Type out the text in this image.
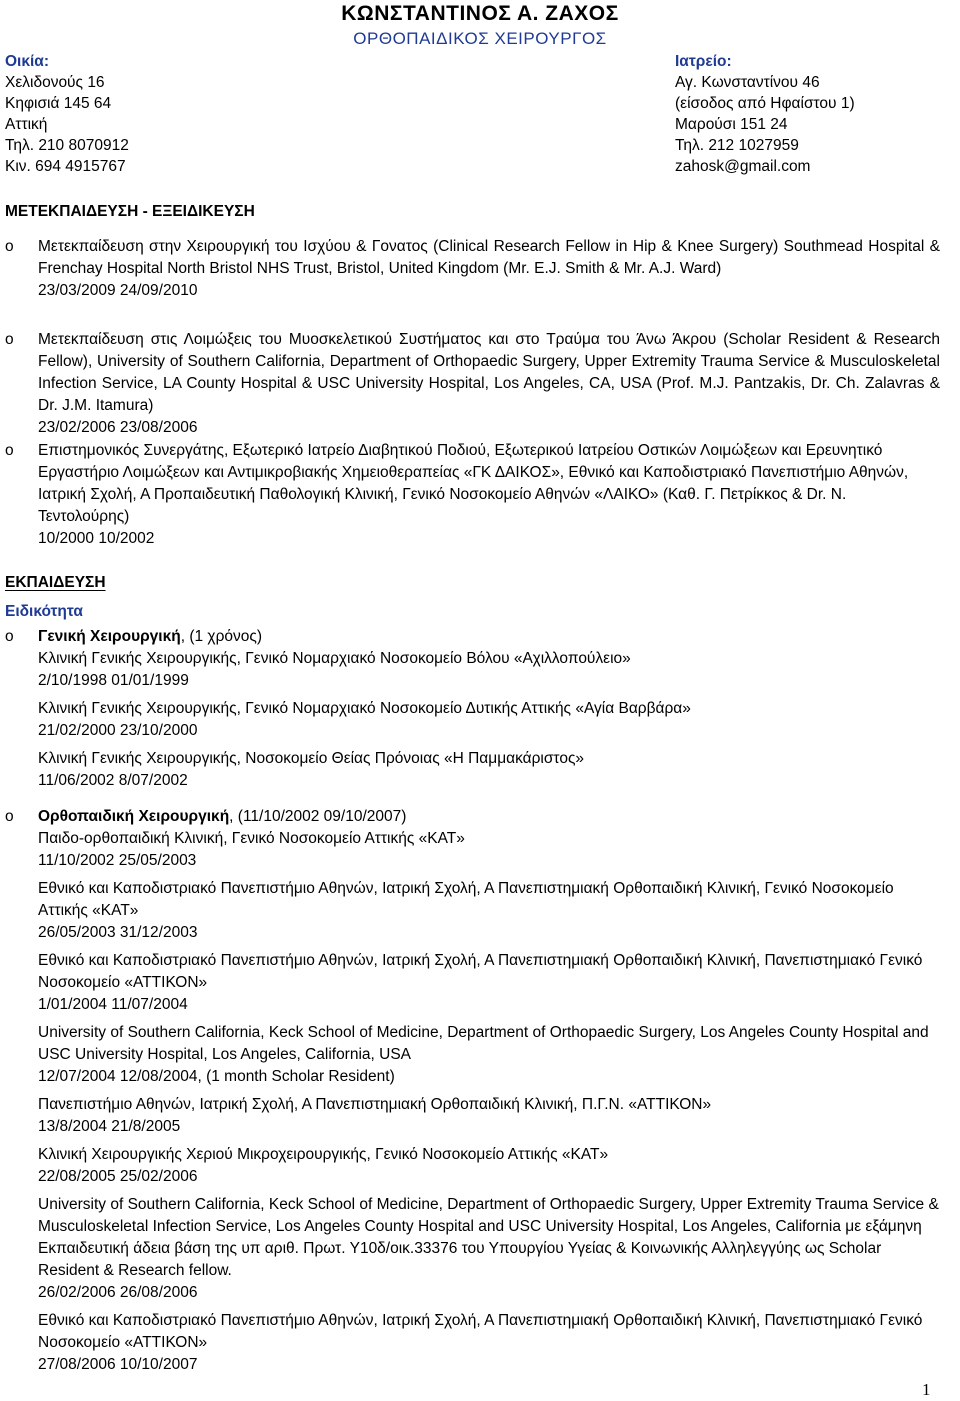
ΚΩΝΣΤΑΝΤΙΝΟΣ Α. ΖΑΧΟΣ
ΟΡΘΟΠΑΙΔΙΚΟΣ ΧΕΙΡΟΥΡΓΟΣ
Οικία:
Χελιδονούς 16
Κηφισιά 145 64
Αττική
Τηλ. 210 8070912
Κιν. 694 4915767
Ιατρείο:
Αγ. Κωνσταντίνου 46
(είσοδος από Ηφαίστου 1)
Μαρούσι 151 24
Τηλ. 212 1027959
zahosk@gmail.com
ΜΕΤΕΚΠΑΙΔΕΥΣΗ - ΕΞΕΙΔΙΚΕΥΣΗ
o	Μετεκπαίδευση στην Χειρουργική του Ισχύου & Γονατος (Clinical Research Fellow in Hip & Knee Surgery) Southmead Hospital & Frenchay Hospital North Bristol NHS Trust, Bristol, United Kingdom (Mr. E.J. Smith & Mr. A.J. Ward)
23/03/2009 24/09/2010
o	Μετεκπαίδευση στις Λοιμώξεις του Μυοσκελετικού Συστήματος και στο Τραύμα του Άνω Άκρου (Scholar Resident & Research Fellow), University of Southern California, Department of Orthopaedic Surgery, Upper Extremity Trauma Service & Musculoskeletal Infection Service, LA County Hospital & USC University Hospital, Los Angeles, CA, USA (Prof. M.J. Pantzakis, Dr. Ch. Zalavras & Dr. J.M. Itamura)
23/02/2006 23/08/2006
o	Επιστημονικός Συνεργάτης, Εξωτερικό Ιατρείο Διαβητικού Ποδιού, Εξωτερικού Ιατρείου Οστικών Λοιμώξεων και Ερευνητικό Εργαστήριο Λοιμώξεων και Αντιμικροβιακής Χημειοθεραπείας «ΓΚ ΔΑΙΚΟΣ», Εθνικό και Καποδιστριακό Πανεπιστήμιο Αθηνών, Ιατρική Σχολή, Α Προπαιδευτική Παθολογική Κλινική, Γενικό Νοσοκομείο Αθηνών «ΛΑΙΚΟ» (Καθ. Γ. Πετρίκκος & Dr. N. Τεντολούρης)
10/2000 10/2002
ΕΚΠΑΙΔΕΥΣΗ
Ειδικότητα
o	Γενική Χειρουργική, (1 χρόνος)
Κλινική Γενικής Χειρουργικής, Γενικό Νομαρχιακό Νοσοκομείο Βόλου «Αχιλλοπούλειο»
2/10/1998 01/01/1999
Κλινική Γενικής Χειρουργικής, Γενικό Νομαρχιακό Νοσοκομείο Δυτικής Αττικής «Αγία Βαρβάρα»
21/02/2000 23/10/2000
Κλινική Γενικής Χειρουργικής, Νοσοκομείο Θείας Πρόνοιας «Η Παμμακάριστος»
11/06/2002 8/07/2002
o	Ορθοπαιδική Χειρουργική, (11/10/2002 09/10/2007)
Παιδο-ορθοπαιδική Κλινική, Γενικό Νοσοκομείο Αττικής «ΚΑΤ»
11/10/2002 25/05/2003
Εθνικό και Καποδιστριακό Πανεπιστήμιο Αθηνών, Ιατρική Σχολή, Α Πανεπιστημιακή Ορθοπαιδική Κλινική, Γενικό Νοσοκομείο Αττικής «ΚΑΤ»
26/05/2003 31/12/2003
Εθνικό και Καποδιστριακό Πανεπιστήμιο Αθηνών, Ιατρική Σχολή, Α Πανεπιστημιακή Ορθοπαιδική Κλινική, Πανεπιστημιακό Γενικό Νοσοκομείο «ΑΤΤΙΚΟΝ»
1/01/2004 11/07/2004
University of Southern California, Keck School of Medicine, Department of Orthopaedic Surgery, Los Angeles County Hospital and USC University Hospital, Los Angeles, California, USA
12/07/2004 12/08/2004, (1 month Scholar Resident)
Πανεπιστήμιο Αθηνών, Ιατρική Σχολή, Α Πανεπιστημιακή Ορθοπαιδική Κλινική, Π.Γ.Ν. «ΑΤΤΙΚΟΝ»
13/8/2004 21/8/2005
Κλινική Χειρουργικής Χεριού Μικροχειρουργικής, Γενικό Νοσοκομείο Αττικής «ΚΑΤ»
22/08/2005 25/02/2006
University of Southern California, Keck School of Medicine, Department of Orthopaedic Surgery, Upper Extremity Trauma Service & Musculoskeletal Infection Service, Los Angeles County Hospital and USC University Hospital, Los Angeles, California με εξάμηνη Εκπαιδευτική άδεια βάση της υπ αριθ. Πρωτ. Υ10δ/οικ.33376 του Υπουργίου Υγείας & Κοινωνικής Αλληλεγγύης ως Scholar Resident & Research fellow.
26/02/2006 26/08/2006
Εθνικό και Καποδιστριακό Πανεπιστήμιο Αθηνών, Ιατρική Σχολή, Α Πανεπιστημιακή Ορθοπαιδική Κλινική, Πανεπιστημιακό Γενικό Νοσοκομείο «ΑΤΤΙΚΟΝ»
27/08/2006 10/10/2007
1
